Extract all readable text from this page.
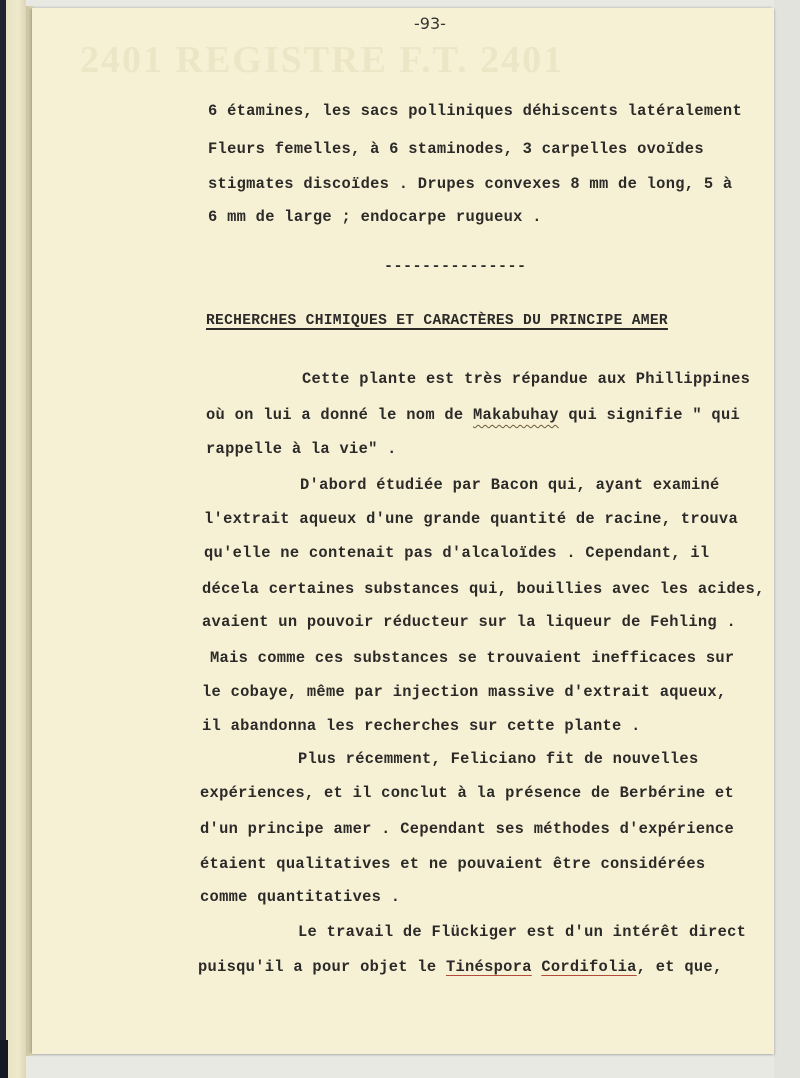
2401 REGISTRE F.T. 2401
-93-
6 étamines, les sacs polliniques déhiscents latéralement
Fleurs femelles, à 6 staminodes, 3 carpelles ovoïdes
stigmates discoïdes . Drupes convexes 8 mm de long, 5 à
6 mm de large ; endocarpe rugueux .
---------------
RECHERCHES CHIMIQUES ET CARACTÈRES DU PRINCIPE AMER
Cette plante est très répandue aux Phillippines
où on lui a donné le nom de Makabuhay qui signifie " qui
rappelle à la vie" .
D'abord étudiée par Bacon qui, ayant examiné
l'extrait aqueux d'une grande quantité de racine, trouva
qu'elle ne contenait pas d'alcaloïdes . Cependant, il
décela certaines substances qui, bouillies avec les acides,
avaient un pouvoir réducteur sur la liqueur de Fehling .
Mais comme ces substances se trouvaient inefficaces sur
le cobaye, même par injection massive d'extrait aqueux,
il abandonna les recherches sur cette plante .
Plus récemment, Feliciano fit de nouvelles
expériences, et il conclut à la présence de Berbérine et
d'un principe amer . Cependant ses méthodes d'expérience
étaient qualitatives et ne pouvaient être considérées
comme quantitatives .
Le travail de Flückiger est d'un intérêt direct
puisqu'il a pour objet le Tinéspora Cordifolia, et que,
